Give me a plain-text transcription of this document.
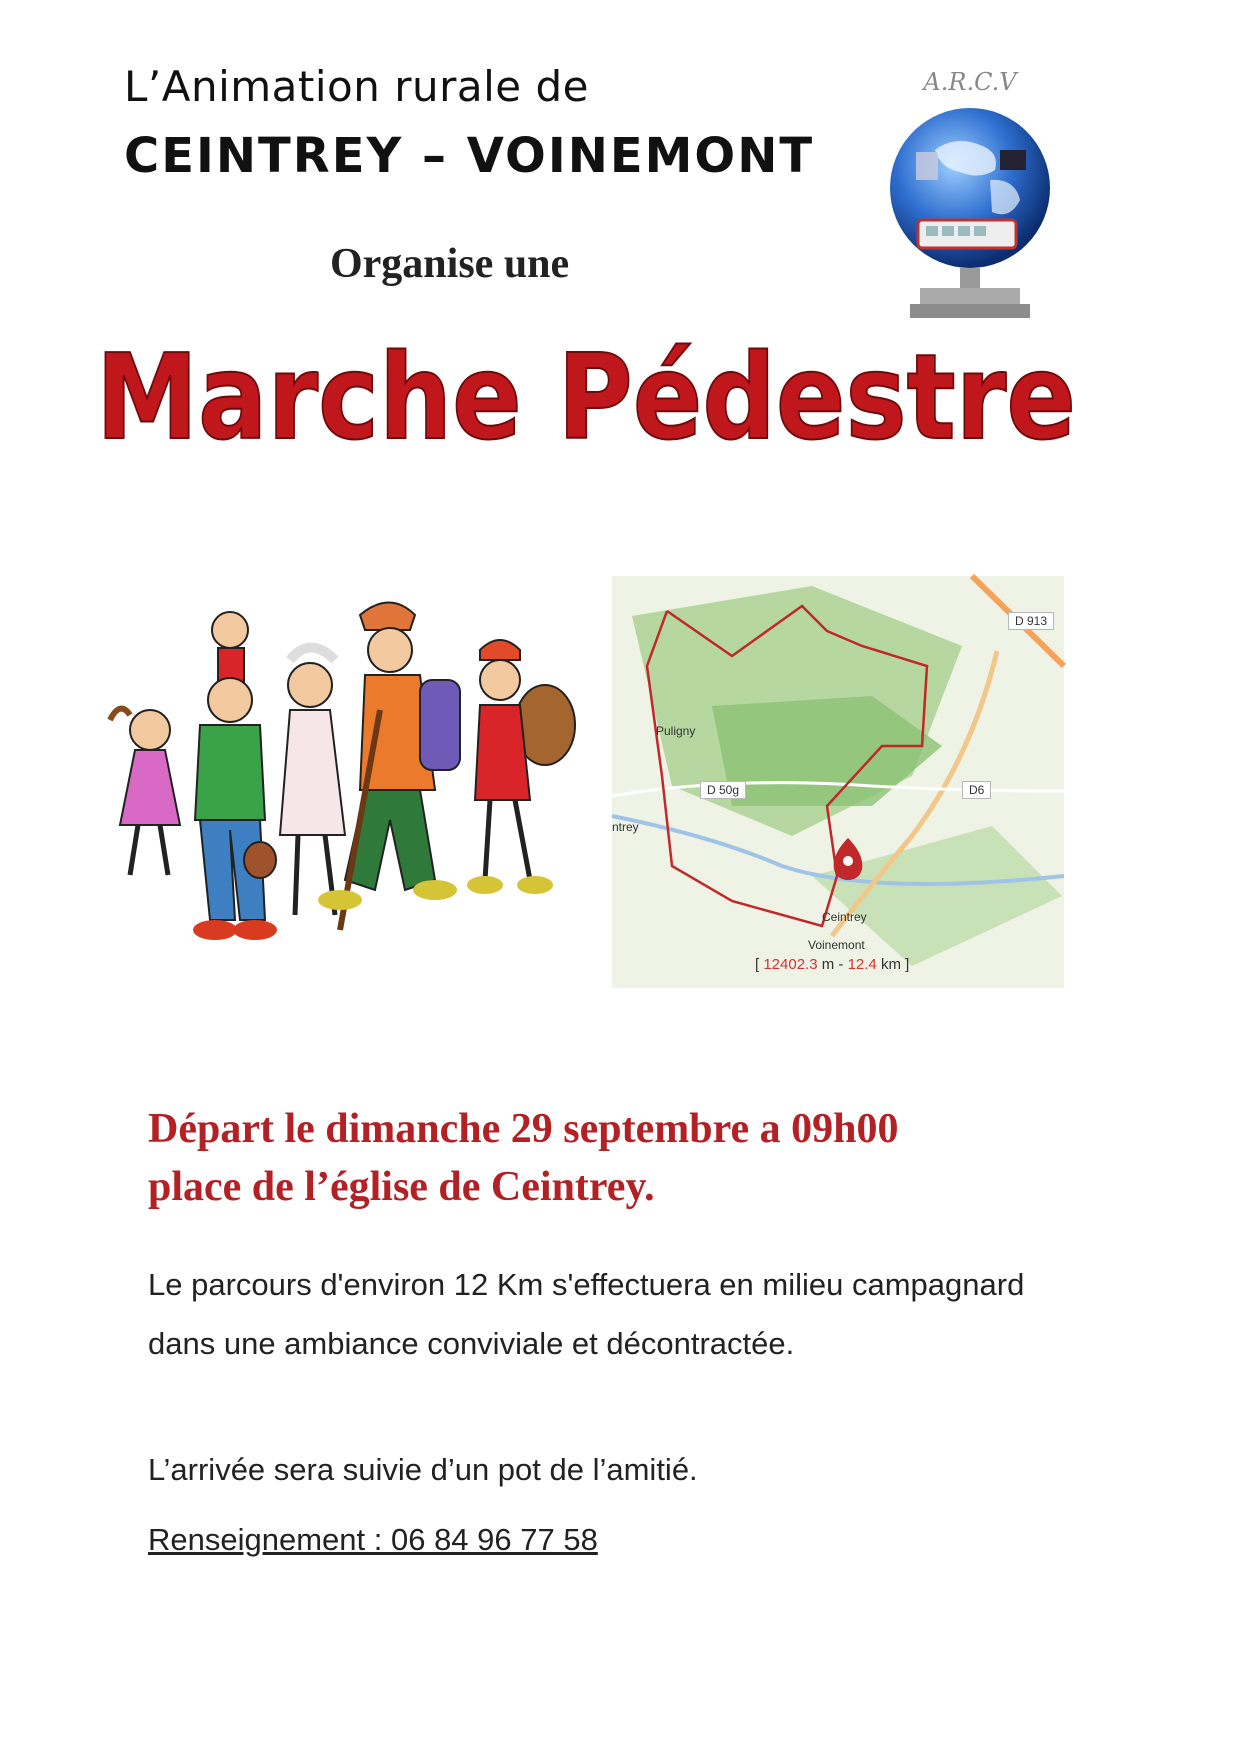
L’Animation rurale de
CEINTREY – VOINEMONT
Organise une
Marche Pédestre
A.R.C.V
D 913
D 50g	D6
Puligny
Ceintrey
Voinemont
ntrey
[ 12402.3 m - 12.4 km ]
Départ le dimanche 29 septembre a 09h00
place de l’église de Ceintrey.
Le parcours d'environ 12 Km s'effectuera en milieu campagnard dans une ambiance conviviale et décontractée.
L’arrivée sera suivie d’un pot de l’amitié.
Renseignement : 06 84 96 77 58
